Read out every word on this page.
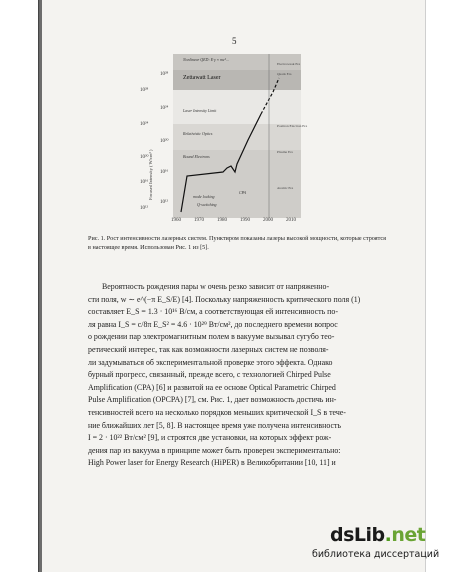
5
Nonlinear QED: E·γ ≈ mc²...
Zettawatt Laser
Laser Intensity Limit
Relativistic Optics
Bound Electrons
mode locking
Q-switching
CPA
Electroweak Era
Quark Era
Positron Electron Era
Plasma Era
Atomic Era
Focused Intensity ( W/cm² )
10²⁸
10²⁴
10²⁰
10¹⁶
10¹²
10²⁸
10²⁴
10²⁰
10¹⁶
10¹²
1960	1970	1980	1990	2000	2010
Рис. 1. Рост интенсивности лазерных систем. Пунктиром показаны лазеры высокой мощности, которые строятся в настоящее время. Использован Рис. 1 из [5].
Вероятность рождения пары w очень резко зависит от напряженно-
сти поля, w ∼ e^(−π E_S/E) [4]. Поскольку напряженность критического поля (1)
составляет E_S = 1.3 · 10¹⁶ В/см, а соответствующая ей интенсивность по-
ля равна I_S = c/8π E_S² = 4.6 · 10²⁹ Вт/см², до последнего времени вопрос
о рождении пар электромагнитным полем в вакууме вызывал сугубо тео-
ретический интерес, так как возможности лазерных систем не позволя-
ли задумываться об экспериментальной проверке этого эффекта. Однако
бурный прогресс, связанный, прежде всего, с технологией Chirped Pulse
Amplification (CPA) [6] и развитой на ее основе Optical Parametric Chirped
Pulse Amplification (OPCPA) [7], см. Рис. 1, дает возможность достичь ин-
тенсивностей всего на несколько порядков меньших критической I_S в тече-
ние ближайших лет [5, 8]. В настоящее время уже получена интенсивность
I = 2 · 10²² Вт/см² [9], и строятся две установки, на которых эффект рож-
дения пар из вакуума в принципе может быть проверен экспериментально:
High Power laser for Energy Research (HiPER) в Великобритании [10, 11] и
dsLib.net
библиотека диссертаций
